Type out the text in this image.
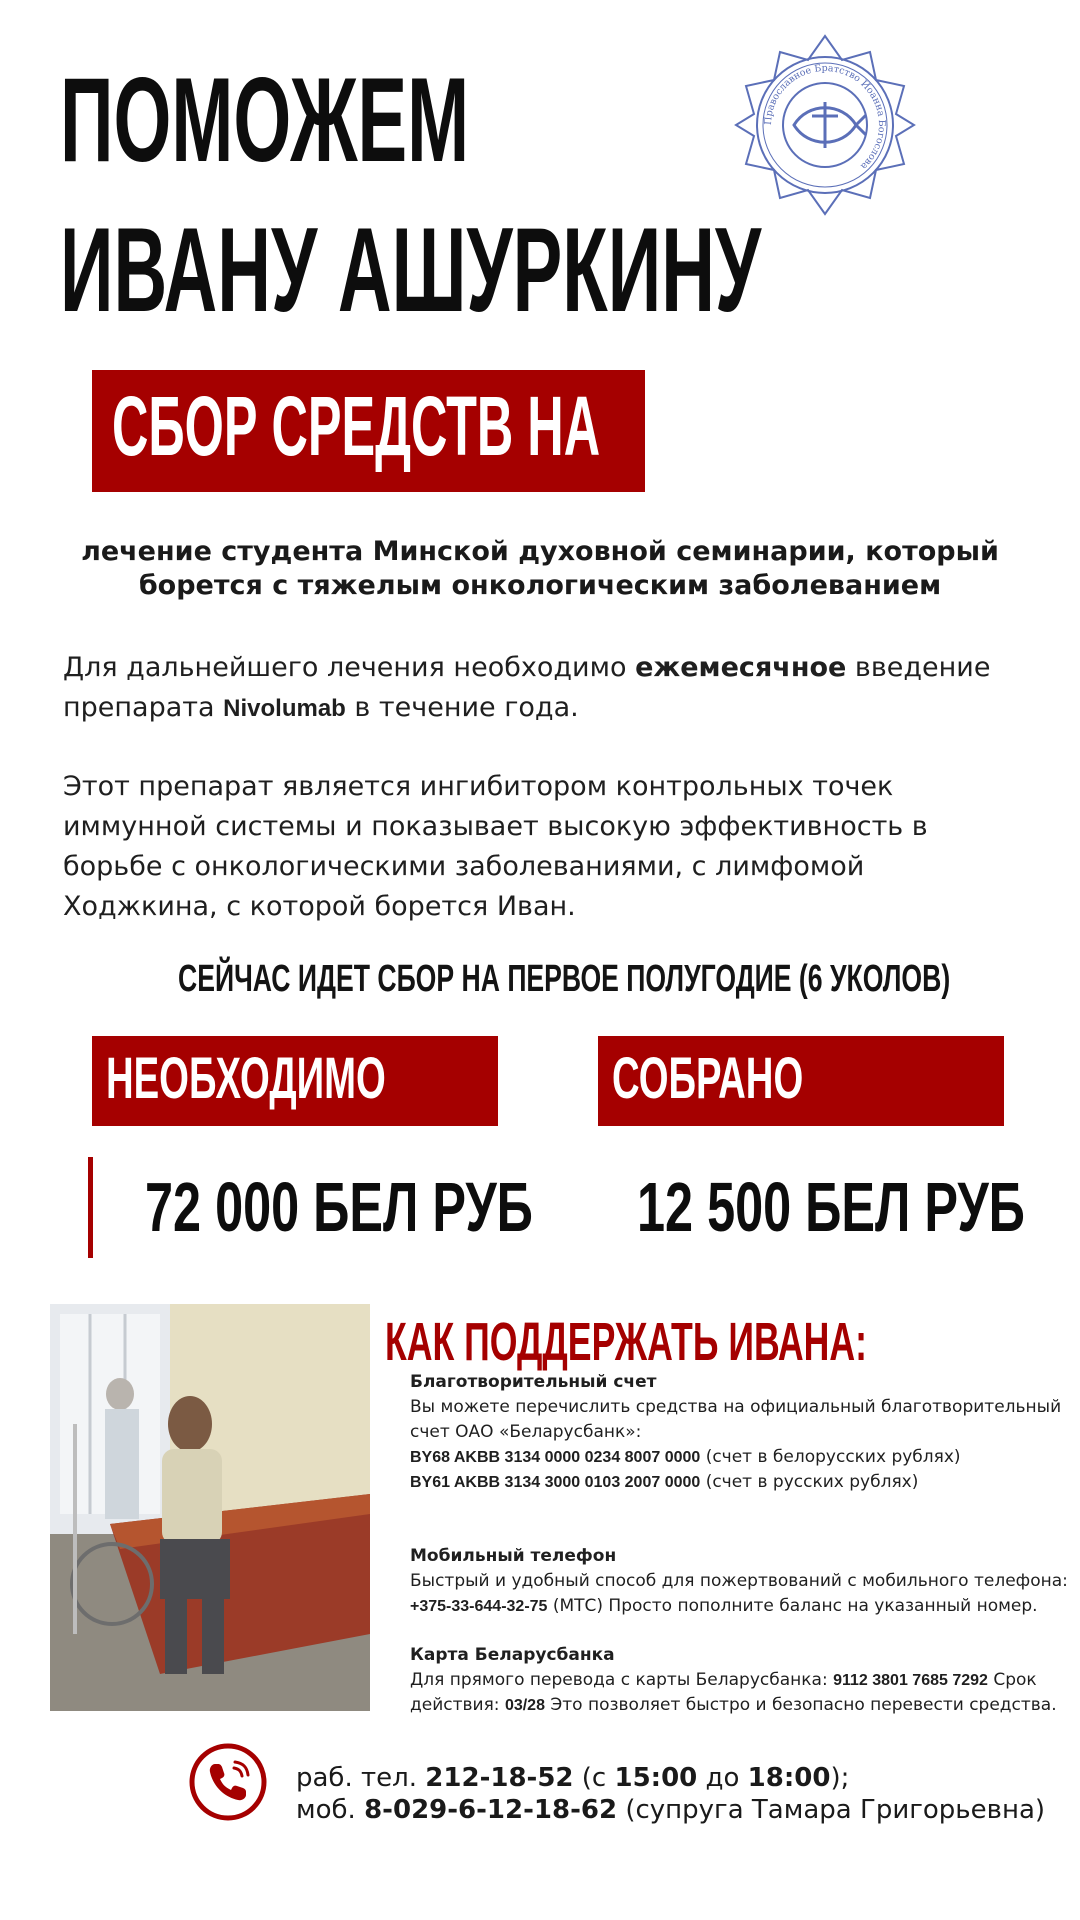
ПОМОЖЕМ
ИВАНУ АШУРКИНУ
Православное Братство Иоанна Богослова
СБОР СРЕДСТВ НА
лечение студента Минской духовной семинарии, который борется с тяжелым онкологическим заболеванием
Для дальнейшего лечения необходимо ежемесячное введение препарата Nivolumab в течение года.
Этот препарат является ингибитором контрольных точек иммунной системы и показывает высокую эффективность в борьбе с онкологическими заболеваниями, с лимфомой Ходжкина, с которой борется Иван.
СЕЙЧАС ИДЕТ СБОР НА ПЕРВОЕ ПОЛУГОДИЕ (6 УКОЛОВ)
НЕОБХОДИМО	СОБРАНО
72 000 БЕЛ РУБ 12 500 БЕЛ РУБ
КАК ПОДДЕРЖАТЬ ИВАНА:
Благотворительный счет
Вы можете перечислить средства на официальный благотворительный счет ОАО «Беларусбанк»:
BY68 AKBB 3134 0000 0234 8007 0000 (счет в белорусских рублях)
BY61 AKBB 3134 3000 0103 2007 0000 (счет в русских рублях)
Мобильный телефон
Быстрый и удобный способ для пожертвований с мобильного телефона:
+375-33-644-32-75 (МТС) Просто пополните баланс на указанный номер.
Карта Беларусбанка
Для прямого перевода с карты Беларусбанка: 9112 3801 7685 7292 Срок действия: 03/28 Это позволяет быстро и безопасно перевести средства.
раб. тел. 212-18-52 (с 15:00 до 18:00);
моб. 8-029-6-12-18-62 (супруга Тамара Григорьевна)
